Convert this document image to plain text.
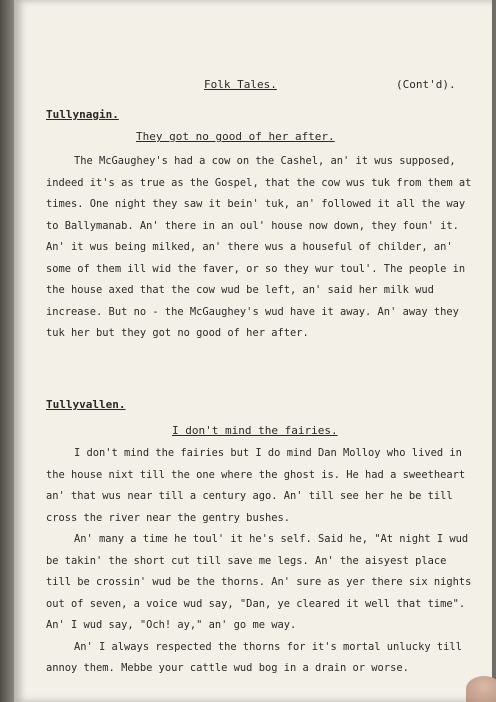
Folk Tales.	(Cont'd).
Tullynagin.
They got no good of her after.

The McGaughey's had a cow on the Cashel, an' it wus supposed, indeed it's as true as the Gospel, that the cow wus tuk from them at times. One night they saw it bein' tuk, an' followed it all the way to Ballymanab. An' there in an oul' house now down, they foun' it. An' it wus being milked, an' there wus a houseful of childer, an' some of them ill wid the faver, or so they wur toul'. The people in the house axed that the cow wud be left, an' said her milk wud increase. But no - the McGaughey's wud have it away. An' away they tuk her but they got no good of her after.

Tullyvallen.
I don't mind the fairies.

I don't mind the fairies but I do mind Dan Molloy who lived in the house nixt till the one where the ghost is. He had a sweetheart an' that wus near till a century ago. An' till see her he be till cross the river near the gentry bushes.

An' many a time he toul' it he's self. Said he, "At night I wud be takin' the short cut till save me legs. An' the aisyest place till be crossin' wud be the thorns. An' sure as yer there six nights out of seven, a voice wud say, "Dan, ye cleared it well that time". An' I wud say, "Och! ay," an' go me way.

An' I always respected the thorns for it's mortal unlucky till annoy them. Mebbe your cattle wud bog in a drain or worse.
